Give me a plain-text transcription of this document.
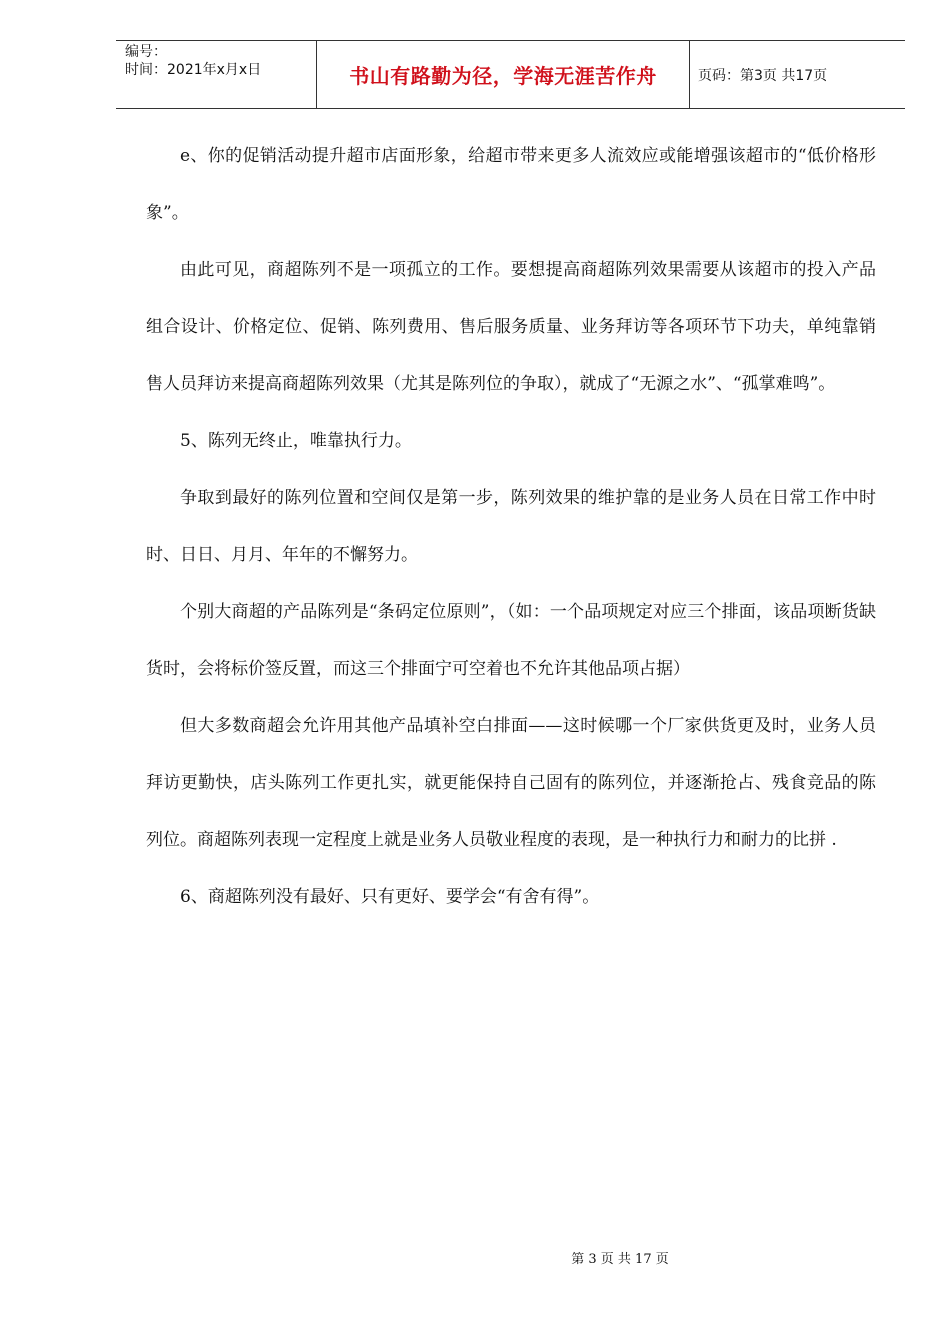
编号：
时间：2021年x月x日	书山有路勤为径，学海无涯苦作舟	页码：第3页 共17页

e、你的促销活动提升超市店面形象，给超市带来更多人流效应或能增强该超市的“低价格形象”。

由此可见，商超陈列不是一项孤立的工作。要想提高商超陈列效果需要从该超市的投入产品组合设计、价格定位、促销、陈列费用、售后服务质量、业务拜访等各项环节下功夫，单纯靠销售人员拜访来提高商超陈列效果（尤其是陈列位的争取），就成了“无源之水”、“孤掌难鸣”。

5、陈列无终止，唯靠执行力。

争取到最好的陈列位置和空间仅是第一步，陈列效果的维护靠的是业务人员在日常工作中时时、日日、月月、年年的不懈努力。

个别大商超的产品陈列是“条码定位原则”，（如：一个品项规定对应三个排面，该品项断货缺货时，会将标价签反置，而这三个排面宁可空着也不允许其他品项占据）

但大多数商超会允许用其他产品填补空白排面——这时候哪一个厂家供货更及时，业务人员拜访更勤快，店头陈列工作更扎实，就更能保持自己固有的陈列位，并逐渐抢占、残食竞品的陈列位。商超陈列表现一定程度上就是业务人员敬业程度的表现，是一种执行力和耐力的比拼 .

6、商超陈列没有最好、只有更好、要学会“有舍有得”。

第 3 页 共 17 页
